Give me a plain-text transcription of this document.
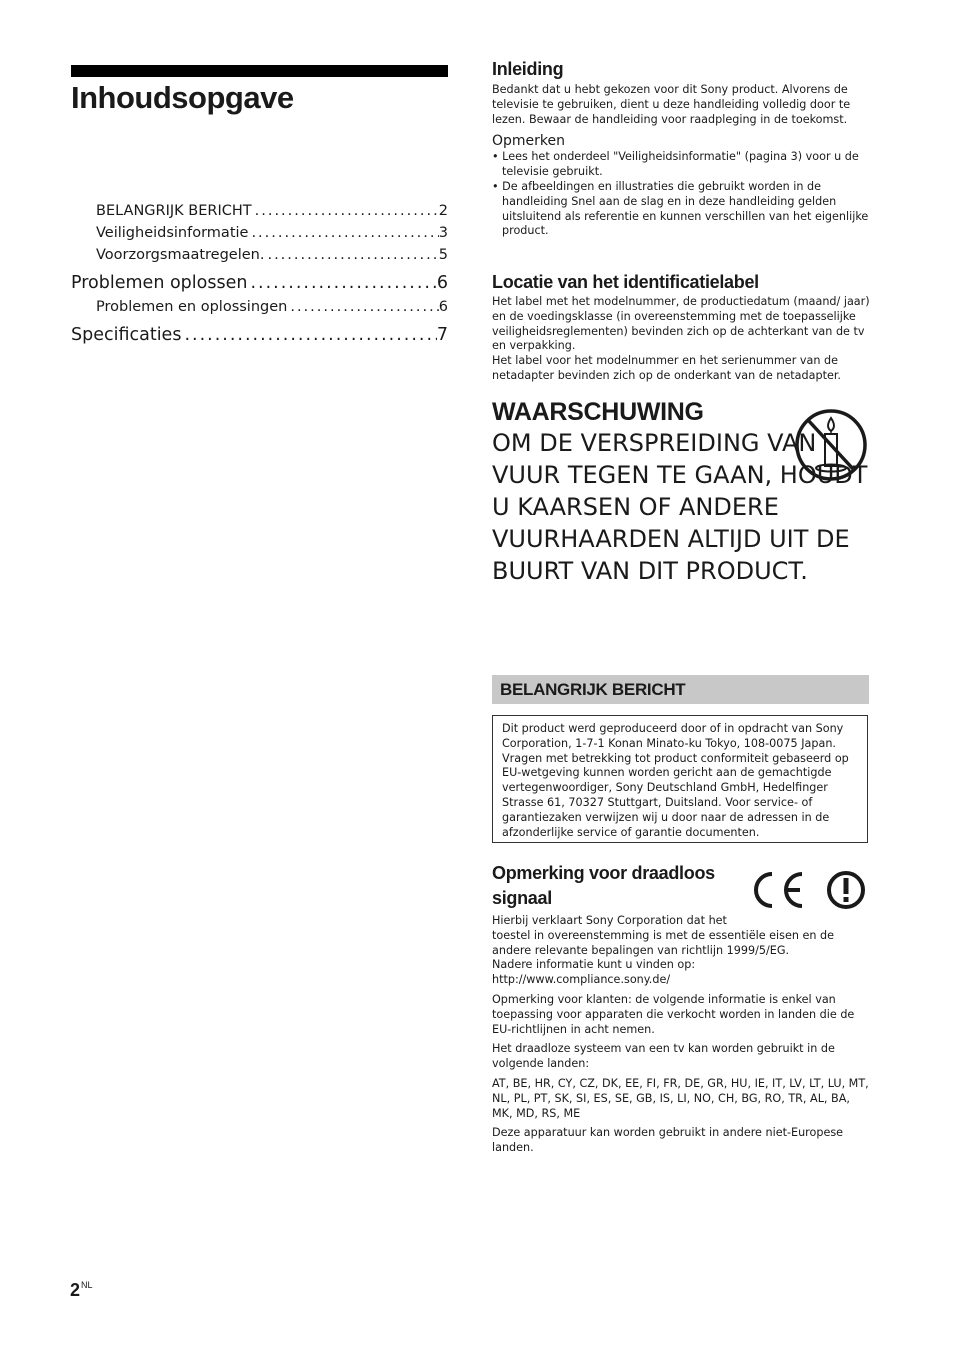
Inhoudsopgave
BELANGRIJK BERICHT .....	2
Veiligheidsinformatie .....	3
Voorzorgsmaatregelen. .....	5
Problemen oplossen .....	6
Problemen en oplossingen .....	6
Specificaties .....	7
Inleiding

Bedankt dat u hebt gekozen voor dit Sony product. Alvorens de televisie te gebruiken, dient u deze handleiding volledig door te lezen. Bewaar de handleiding voor raadpleging in de toekomst.

Opmerken

• Lees het onderdeel "Veiligheidsinformatie" (pagina 3) voor u de televisie gebruikt.
• De afbeeldingen en illustraties die gebruikt worden in de handleiding Snel aan de slag en in deze handleiding gelden uitsluitend als referentie en kunnen verschillen van het eigenlijke product.
Locatie van het identificatielabel

Het label met het modelnummer, de productiedatum (maand/ jaar) en de voedingsklasse (in overeenstemming met de toepasselijke veiligheidsreglementen) bevinden zich op de achterkant van de tv en verpakking.

Het label voor het modelnummer en het serienummer van de netadapter bevinden zich op de onderkant van de netadapter.

WAARSCHUWING

OM DE VERSPREIDING VAN VUUR TEGEN TE GAAN, HOUDT U KAARSEN OF ANDERE VUURHAARDEN ALTIJD UIT DE BUURT VAN DIT PRODUCT.

BELANGRIJK BERICHT

Dit product werd geproduceerd door of in opdracht van Sony Corporation, 1-7-1 Konan Minato-ku Tokyo, 108-0075 Japan. Vragen met betrekking tot product conformiteit gebaseerd op EU-wetgeving kunnen worden gericht aan de gemachtigde vertegenwoordiger, Sony Deutschland GmbH, Hedelfinger Strasse 61, 70327 Stuttgart, Duitsland. Voor service- of garantiezaken verwijzen wij u door naar de adressen in de afzonderlijke service of garantie documenten.

Opmerking voor draadloos signaal

Hierbij verklaart Sony Corporation dat het
toestel in overeenstemming is met de essentiële eisen en de andere relevante bepalingen van richtlijn 1999/5/EG.
Nadere informatie kunt u vinden op:
http://www.compliance.sony.de/

Opmerking voor klanten: de volgende informatie is enkel van toepassing voor apparaten die verkocht worden in landen die de EU-richtlijnen in acht nemen.

Het draadloze systeem van een tv kan worden gebruikt in de volgende landen:

AT, BE, HR, CY, CZ, DK, EE, FI, FR, DE, GR, HU, IE, IT, LV, LT, LU, MT, NL, PL, PT, SK, SI, ES, SE, GB, IS, LI, NO, CH, BG, RO, TR, AL, BA, MK, MD, RS, ME

Deze apparatuur kan worden gebruikt in andere niet-Europese landen.

$2^{NL}$
